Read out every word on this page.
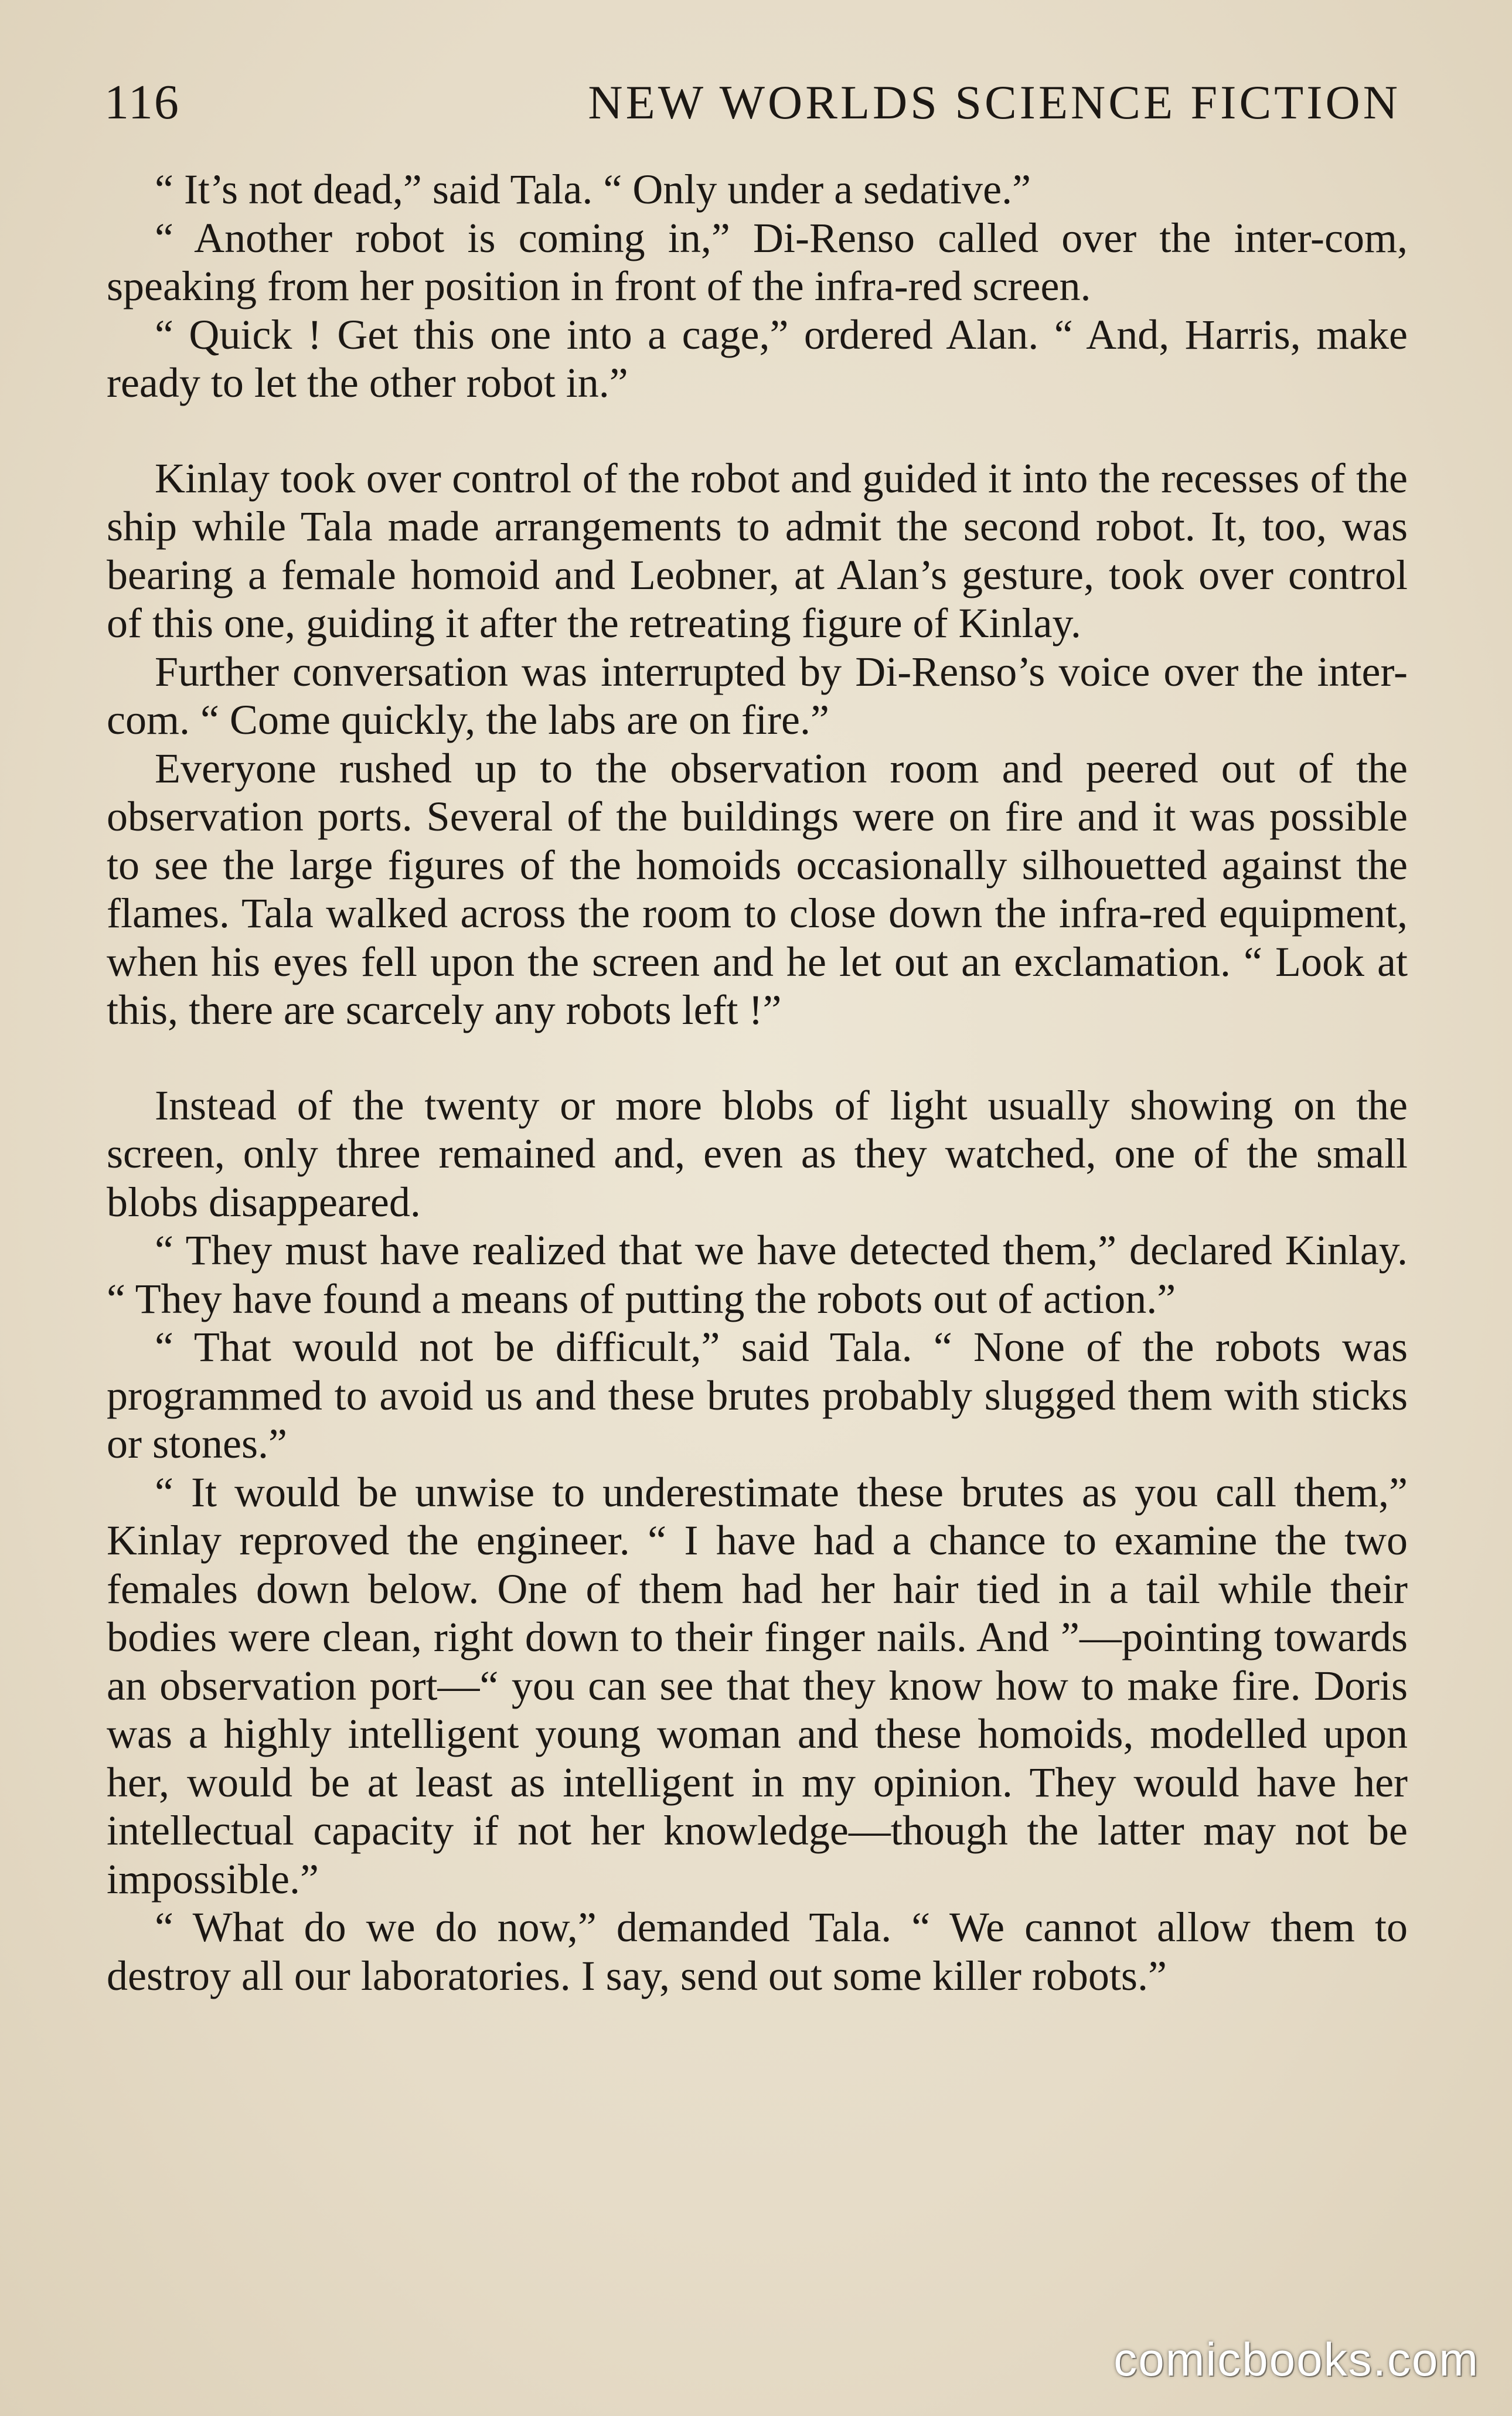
116	NEW WORLDS SCIENCE FICTION

“ It’s not dead,” said Tala. “ Only under a sedative.”

“ Another robot is coming in,” Di-Renso called over the inter-com, speaking from her position in front of the infra-red screen.

“ Quick ! Get this one into a cage,” ordered Alan. “ And, Harris, make ready to let the other robot in.”

Kinlay took over control of the robot and guided it into the recesses of the ship while Tala made arrangements to admit the second robot. It, too, was bearing a female homoid and Leobner, at Alan’s gesture, took over control of this one, guiding it after the retreating figure of Kinlay.

Further conversation was interrupted by Di-Renso’s voice over the inter-com. “ Come quickly, the labs are on fire.”

Everyone rushed up to the observation room and peered out of the observation ports. Several of the buildings were on fire and it was possible to see the large figures of the homoids occasionally silhouetted against the flames. Tala walked across the room to close down the infra-red equipment, when his eyes fell upon the screen and he let out an exclamation. “ Look at this, there are scarcely any robots left !”

Instead of the twenty or more blobs of light usually showing on the screen, only three remained and, even as they watched, one of the small blobs disappeared.

“ They must have realized that we have detected them,” declared Kinlay. “ They have found a means of putting the robots out of action.”

“ That would not be difficult,” said Tala. “ None of the robots was programmed to avoid us and these brutes probably slugged them with sticks or stones.”

“ It would be unwise to underestimate these brutes as you call them,” Kinlay reproved the engineer. “ I have had a chance to examine the two females down below. One of them had her hair tied in a tail while their bodies were clean, right down to their finger nails. And ”—pointing towards an observation port—“ you can see that they know how to make fire. Doris was a highly intelligent young woman and these homoids, modelled upon her, would be at least as intelligent in my opinion. They would have her intellectual capacity if not her knowledge—though the latter may not be impossible.”

“ What do we do now,” demanded Tala. “ We cannot allow them to destroy all our laboratories. I say, send out some killer robots.”

comicbooks.com
